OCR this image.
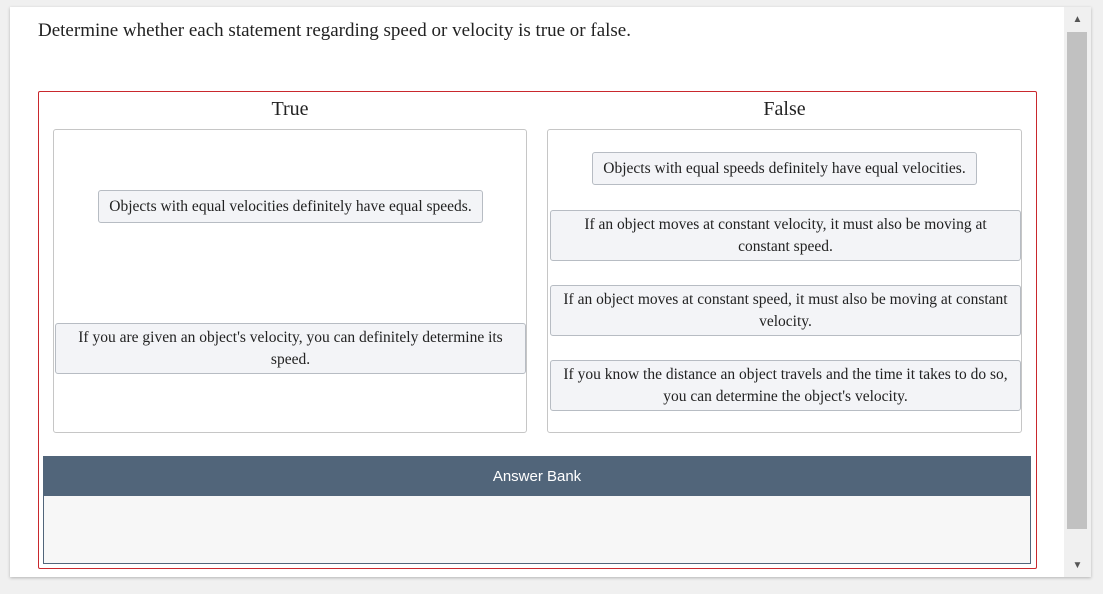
Determine whether each statement regarding speed or velocity is true or false.
True	False
Objects with equal velocities definitely have equal speeds.
If you are given an object's velocity, you can definitely determine its speed.
Objects with equal speeds definitely have equal velocities.
If an object moves at constant velocity, it must also be moving at constant speed.
If an object moves at constant speed, it must also be moving at constant velocity.
If you know the distance an object travels and the time it takes to do so, you can determine the object's velocity.
Answer Bank
▲
▼
